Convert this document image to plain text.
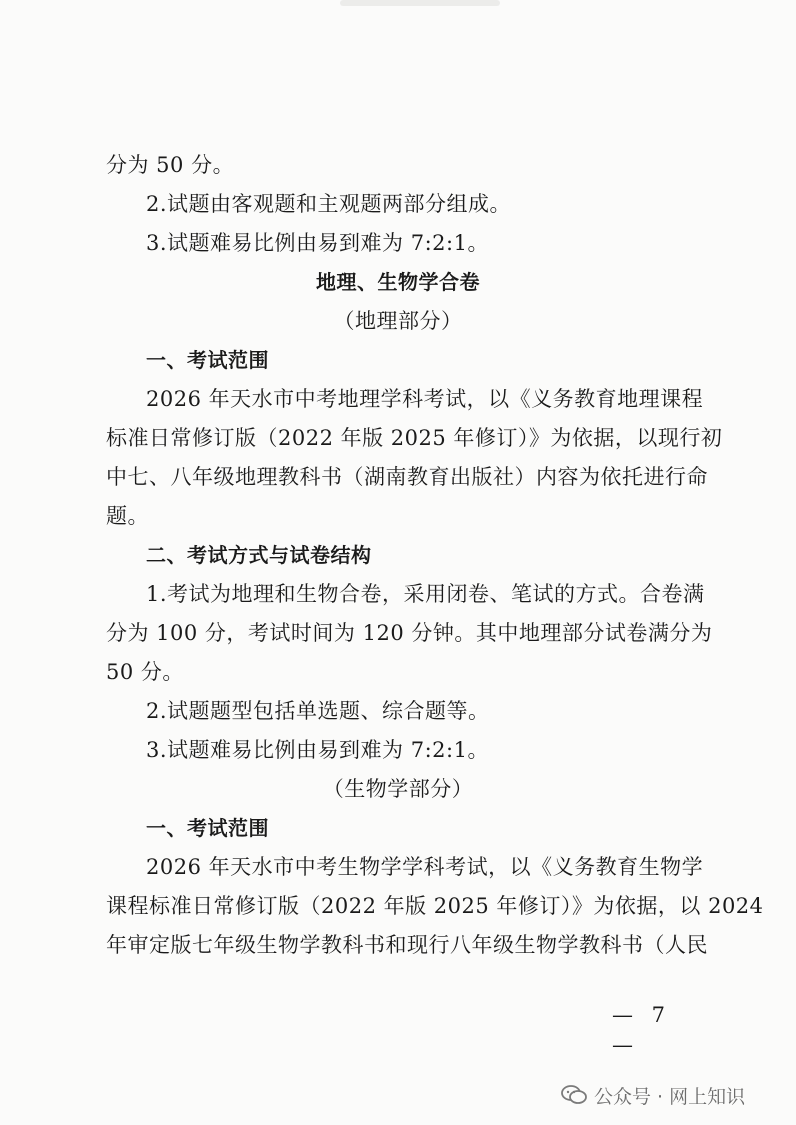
分为 50 分。
2.试题由客观题和主观题两部分组成。
3.试题难易比例由易到难为 7:2:1。
地理、生物学合卷
（地理部分）
一、考试范围
2026 年天水市中考地理学科考试，以《义务教育地理课程
标准日常修订版（2022 年版 2025 年修订）》为依据，以现行初
中七、八年级地理教科书（湖南教育出版社）内容为依托进行命
题。
二、考试方式与试卷结构
1.考试为地理和生物合卷，采用闭卷、笔试的方式。合卷满
分为 100 分，考试时间为 120 分钟。其中地理部分试卷满分为
50 分。
2.试题题型包括单选题、综合题等。
3.试题难易比例由易到难为 7:2:1。
（生物学部分）
一、考试范围
2026 年天水市中考生物学学科考试，以《义务教育生物学
课程标准日常修订版（2022 年版 2025 年修订）》为依据，以 2024
年审定版七年级生物学教科书和现行八年级生物学教科书（人民
— 7 —
公众号 · 网上知识
